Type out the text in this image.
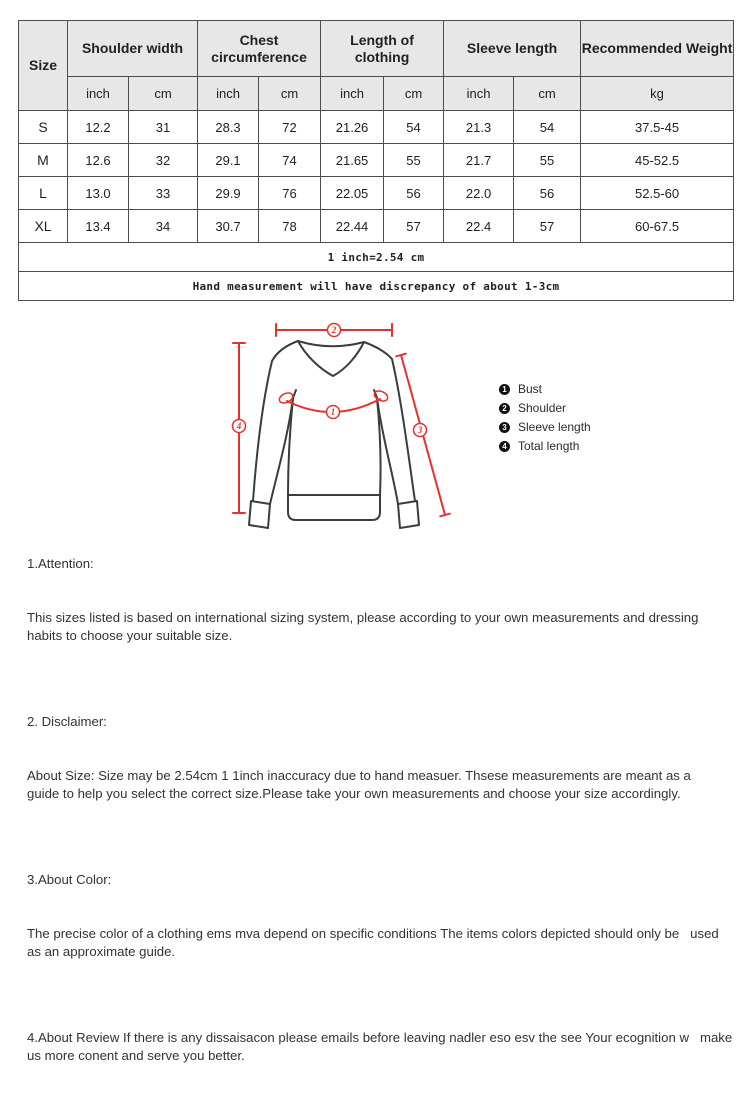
Size	Shoulder width		Chest circumference		Length of clothing		Sleeve length		Recommended Weight
	inch	cm	inch	cm	inch	cm	inch	cm	kg
S	12.2	31	28.3	72	21.26	54	21.3	54	37.5-45
M	12.6	32	29.1	74	21.65	55	21.7	55	45-52.5
L	13.0	33	29.9	76	22.05	56	22.0	56	52.5-60
XL	13.4	34	30.7	78	22.44	57	22.4	57	60-67.5
1 inch=2.54 cm									
Hand measurement will have discrepancy of about 1-3cm									
2
4	3
1
1 Bust
2 Shoulder
3 Sleeve length
4 Total length

1.Attention:

This sizes listed is based on international sizing system, please according to your own measurements and dressing   habits to choose your suitable size.

2. Disclaimer:

About Size: Size may be 2.54cm 1 1inch inaccuracy due to hand measuer. Thsese measurements are meant as a   guide to help you select the correct size.Please take your own measurements and choose your size accordingly.

3.About Color:

The precise color of a clothing ems mva depend on specific conditions The items colors depicted should only be   used as an approximate guide.

4.About Review If there is any dissaisacon please emails before leaving nadler eso esv the see Your ecognition w   make us more conent and serve you better.
